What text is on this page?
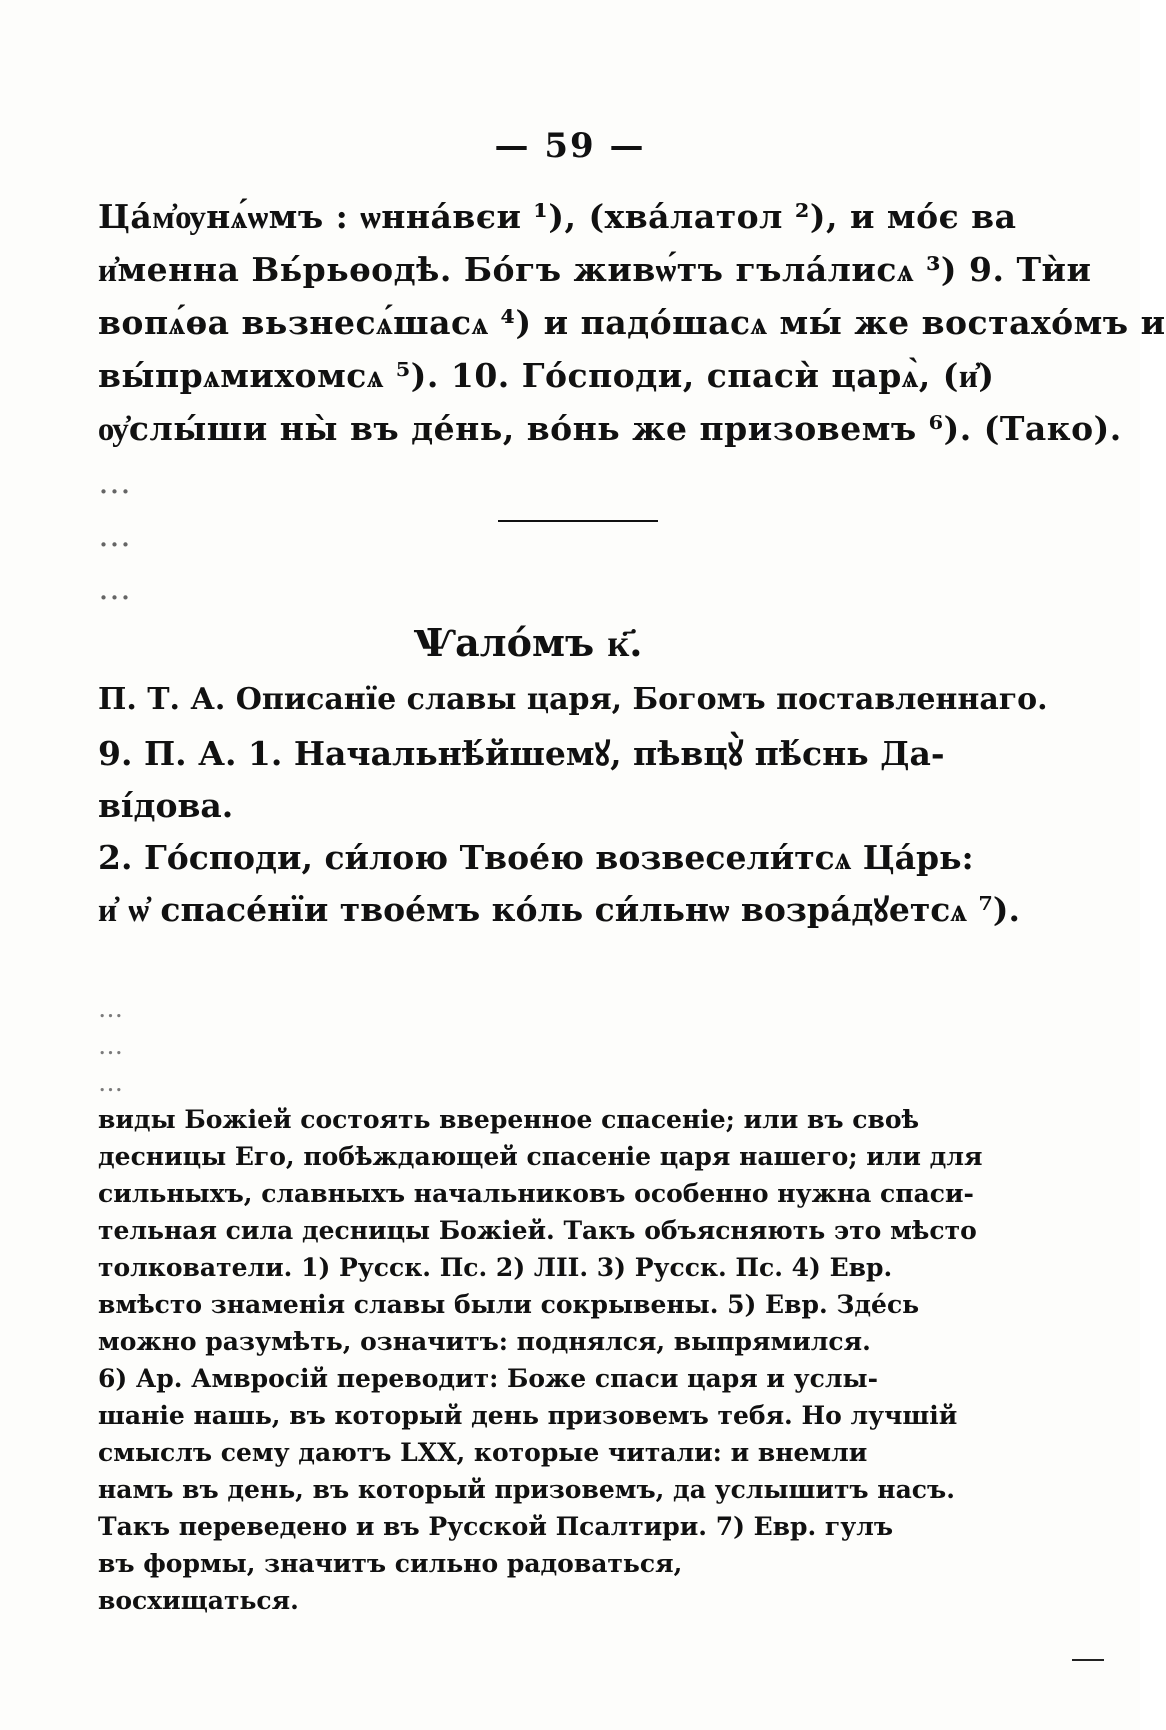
— 59 —
Ца́м҆ѹнѧ́ѡмъ : ѡнна́вєи ¹), (хва́латол ²), и мо́є ва
и҆менна Вь́рьѳодѣ. Бо́гъ живѡ́тъ гъла́лисѧ ³) 9. Тѝи
вопѧ́ѳа вьзнесѧ́шасѧ ⁴) и падо́шасѧ мы́ же востахо́мъ и
вы́прѧмихомсѧ ⁵). 10. Го́споди, спасѝ царѧ̀, (и҆)
ѹ҆слы́ши ны̀ въ де́нь, во́нь же призовемъ ⁶). (Тако).
…
…
…
Ѱало́мъ к҃.
П. Т. А. Описанїе славы царя, Богомъ поставленнаго.
9. П. А. 1. Начальнѣ́йшемꙋ, пѣвцꙋ̀ пѣ́снь Да-
ві́дова.
2. Го́споди, си́лою Твое́ю возвесели́тсѧ Ца́рь:
и҆ ѡ҆ спасе́нїи твое́мъ ко́ль си́льнѡ возра́дꙋетсѧ ⁷).
…
…
…
виды Божіей состоять вверенное спасеніе; или въ своѣ
десницы Его, побѣждающей спасеніе царя нашего; или для
сильныхъ, славныхъ начальниковъ особенно нужна спаси-
тельная сила десницы Божіей. Такъ объясняють это мѣсто
толкователи. 1) Русск. Пс. 2) ЛІІ. 3) Русск. Пс. 4) Евр.
вмѣсто знаменія славы были сокрывены. 5) Евр. Зде́сь
можно разумѣть, означитъ: поднялся, выпрямился.
6) Ар. Амвросій переводит: Боже спаси царя и услы-
шаніе нашь, въ который день призовемъ тебя. Но лучшій
смыслъ сему даютъ LXX, которые читали: и внемли
намъ въ день, въ который призовемъ, да услышитъ насъ.
Такъ переведено и въ Русской Псалтири. 7) Евр. гулъ
въ формы, значитъ сильно радоваться,
восхищаться.
